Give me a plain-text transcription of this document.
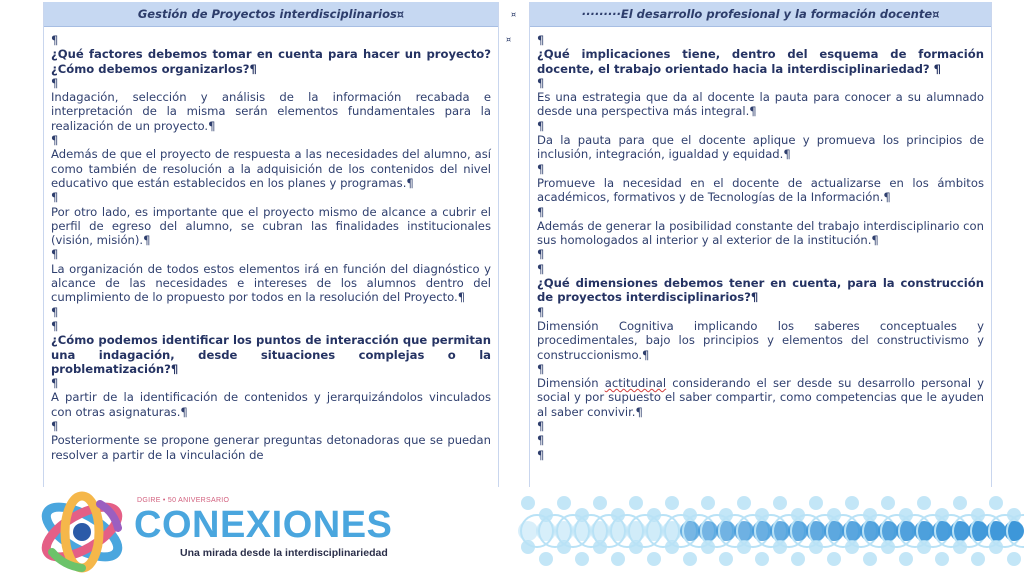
Gestión de Proyectos interdisciplinarios¤

¶

¿Qué factores debemos tomar en cuenta para hacer un proyecto? ¿Cómo debemos organizarlos?¶

¶

Indagación, selección y análisis de la información recabada e interpretación de la misma serán elementos fundamentales para la realización de un proyecto.¶

¶

Además de que el proyecto de respuesta a las necesidades del alumno, así como también de resolución a la adquisición de los contenidos del nivel educativo que están establecidos en los planes y programas.¶

¶

Por otro lado, es importante que el proyecto mismo de alcance a cubrir el perfil de egreso del alumno, se cubran las finalidades institucionales (visión, misión).¶

¶

La organización de todos estos elementos irá en función del diagnóstico y alcance de las necesidades e intereses de los alumnos dentro del cumplimiento de lo propuesto por todos en la resolución del Proyecto.¶

¶

¶

¿Cómo podemos identificar los puntos de interacción que permitan una indagación, desde situaciones complejas o la problematización?¶

¶

A partir de la identificación de contenidos y jerarquizándolos vinculados con otras asignaturas.¶

¶

Posteriormente se propone generar preguntas detonadoras que se puedan resolver a partir de la vinculación de

¤
¤
·········El desarrollo profesional y la formación docente¤

¶

¿Qué implicaciones tiene, dentro del esquema de formación docente, el trabajo orientado hacia la interdisciplinariedad? ¶

¶

Es una estrategia que da al docente la pauta para conocer a su alumnado desde una perspectiva más integral.¶

¶

Da la pauta para que el docente aplique y promueva los principios de inclusión, integración, igualdad y equidad.¶

¶

Promueve la necesidad en el docente de actualizarse en los ámbitos académicos, formativos y de Tecnologías de la Información.¶

¶

Además de generar la posibilidad constante del trabajo interdisciplinario con sus homologados al interior y al exterior de la institución.¶

¶

¶

¿Qué dimensiones debemos tener en cuenta, para la construcción de proyectos interdisciplinarios?¶

¶

Dimensión Cognitiva implicando los saberes conceptuales y procedimentales, bajo los principios y elementos del constructivismo y construccionismo.¶

¶

Dimensión actitudinal considerando el ser desde su desarrollo personal y social y por supuesto el saber compartir, como competencias que le ayuden al saber convivir.¶

¶

¶

¶

DGIRE • 50 ANIVERSARIO
CONEXIONES
Una mirada desde la interdisciplinariedad
